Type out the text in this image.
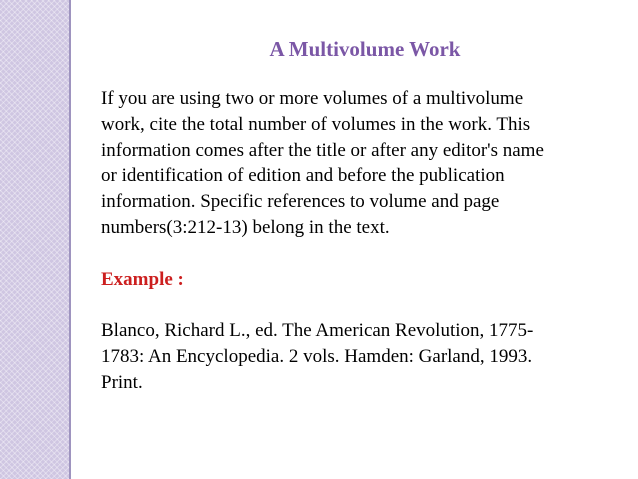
A Multivolume Work

If you are using two or more volumes of a multivolume

work, cite the total number of volumes in the work. This

information comes after the title or after any editor's name

or identification of edition and before the publication

information. Specific references to volume and page

numbers(3:212-13) belong in the text.

Example :

Blanco, Richard L., ed. The American Revolution, 1775-

1783: An Encyclopedia. 2 vols. Hamden: Garland, 1993.

Print.
